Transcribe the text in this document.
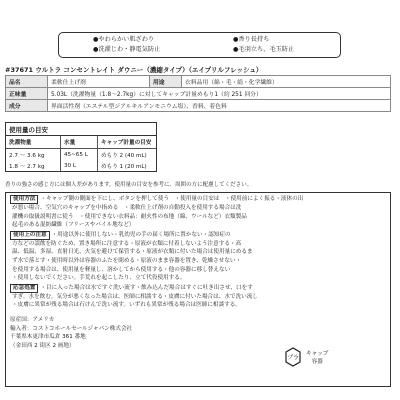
●やわらかい肌ざわり	●香り長持ち
●洗濯じわ・静電気防止	●毛羽立ち、毛玉防止
#37671 ウルトラ コンセントレイト ダウニー（濃縮タイプ）（エイプリルフレッシュ）
品名	柔軟仕上げ剤	用途	衣料品用（綿・毛・絹・化学繊維）
正味量	5.03L（洗濯物量（1.8～2.7kg）に対してキャップ計量めもり1（約 251 回分）		
成分	界面活性剤（エステル型ジアルキルアンモニウム塩）、香料、着色料		
使用量の目安
洗濯物量	水量	キャップ計量の目安
2.7 ～ 3.6 kg	45~65 L	めもり 2 (40 mL)
1.8 ～ 2.7 kg	30 L	めもり 1 (20 mL)
香りの強さの感じ方には個人差があります。使用量の目安を参考に、周囲の方に配慮してください。
使用方法 ・キャップ側の側面を下にし、ボタンを押して使う　・使用量の目安は　・使用前によく振る・液体の出
が悪い場合、空気穴のキャップを中指める　・柔軟仕上げ剤の自動投入を使用する場合は洗
濯機の取扱説明書に従う　・使用できない衣料品：耐火性の布地（綿、ウールなど）衣類製品　
起毛のある混紡繊維（フリースやパイル地など）
使用上の注意 ・用途以外に使用しない・乳幼児の手の届く場所に置かない・認知症の
方などの誤飲を防ぐため、置き場所に注意する・原液が衣類に付着しないよう注意する・高
温、低温、多湿、直射日光、火気を避けて保管する・原液が衣類に付いた場合は使用量にめるま
ず水で落とす・使用時以外は容器のふたを閉める・原液のまま容器を置き、乾燥させない・
を使用する場合は、使用量を軽量し、溶かしてから使用する・他の容器に移し替えない
・使用しないでください。手荒れを起こしたり、立て代役使用する。
応急処置 ・目に入った場合は水ですぐ洗い流す・飲み込んだ場合はすぐに吐き出させ、口をす
すぎ、水を飲む。気分が悪くなった場合は、医師に相談する・皮膚に付いた場合は、水で洗い流し
・皮膚に異常が残る場合は石けんで洗い流す。いずれも異常が残る場合は医師に相談する。
原産国：アメリカ
輸入者：コストコホールセールジャパン株式会社
千葉県木更津市瓜倉 361 番地
（金田西 2 街区 2 画地）
プラ
キャップ
容器
